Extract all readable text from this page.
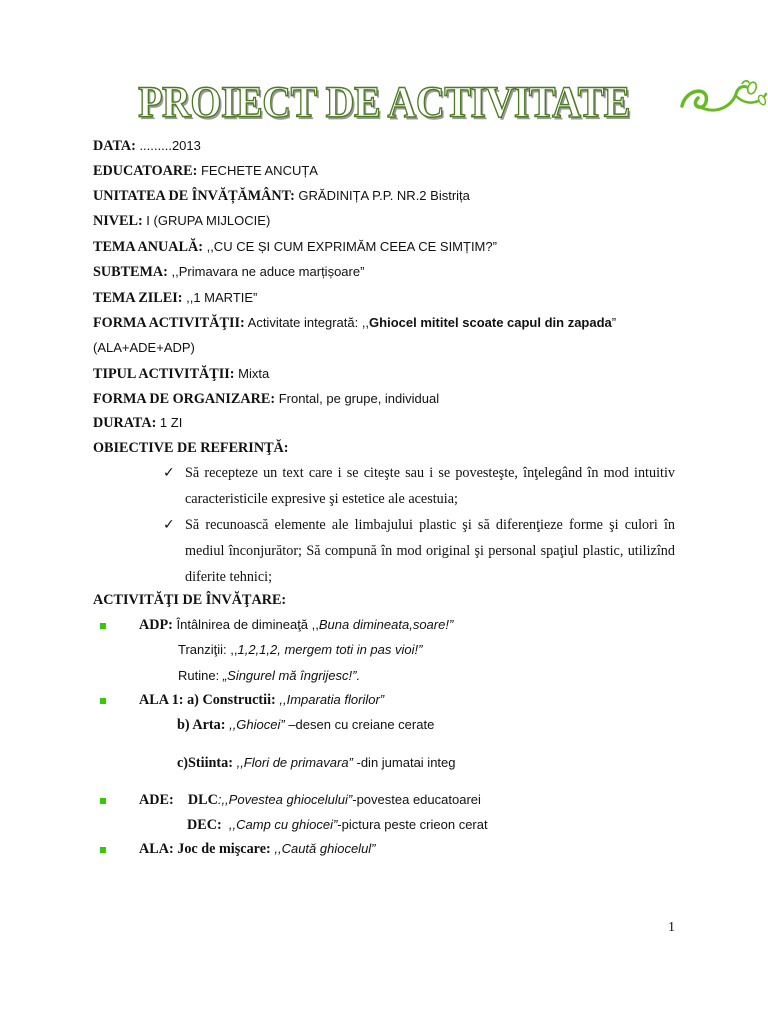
PROIECT DE ACTIVITATE
DATA: .........2013
EDUCATOARE: FECHETE ANCUȚA
UNITATEA DE ÎNVĂȚĂMÂNT: GRĂDINIȚA P.P. NR.2 Bistrița
NIVEL: I (GRUPA MIJLOCIE)
TEMA ANUALĂ: ,,CU CE ȘI CUM EXPRIMĂM CEEA CE SIMȚIM?”
SUBTEMA: ,,Primavara ne aduce marțișoare”
TEMA ZILEI: ,,1 MARTIE”
FORMA ACTIVITĂŢII: Activitate integrată: ,,Ghiocel mititel scoate capul din zapada”
(ALA+ADE+ADP)
TIPUL ACTIVITĂŢII: Mixta
FORMA DE ORGANIZARE: Frontal, pe grupe, individual
DURATA: 1 ZI
OBIECTIVE DE REFERINŢĂ:
✓ Să recepteze un text care i se citeşte sau i se povesteşte, înţelegând în mod intuitiv caracteristicile expresive şi estetice ale acestuia;
✓ Să recunoască elemente ale limbajului plastic şi să diferenţieze forme şi culori în mediul înconjurător; Să compună în mod original şi personal spaţiul plastic, utilizînd diferite tehnici;
ACTIVITĂŢI DE ÎNVĂŢARE:
ADP: Întâlnirea de dimineaţă ,,Buna dimineata,soare!”
Tranziţii: ,,1,2,1,2, mergem toti in pas vioi!”
Rutine: „Singurel mă îngrijesc!”.
ALA 1: a) Constructii: ,,Imparatia florilor”
b) Arta: ,,Ghiocei” –desen cu creiane cerate
c)Stiinta: ,,Flori de primavara” -din jumatai integ
ADE:    DLC:,,Povestea ghiocelului”-povestea educatoarei
DEC:  ,,Camp cu ghiocei”-pictura peste crieon cerat
ALA: Joc de mişcare: ,,Caută ghiocelul”
1
